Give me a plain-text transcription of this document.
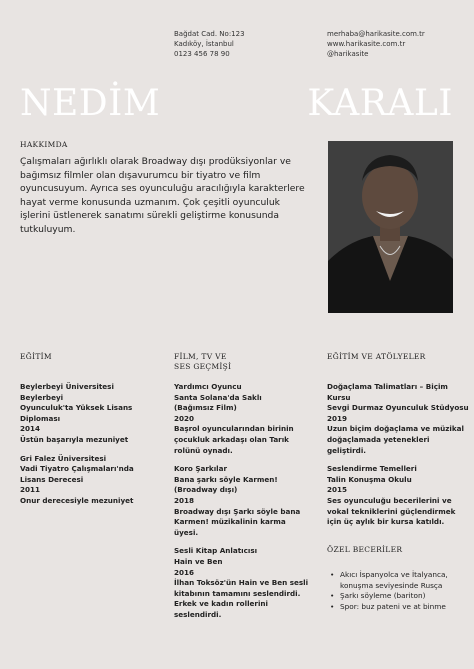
Bağdat Cad. No:123
Kadıköy, İstanbul
0123 456 78 90
merhaba@harikasite.com.tr
www.harikasite.com.tr
@harikasite
NEDİM	KARALI
HAKKIMDA
Çalışmaları ağırlıklı olarak Broadway dışı prodüksiyonlar ve bağımsız filmler olan dışavurumcu bir tiyatro ve film oyuncusuyum. Ayrıca ses oyunculuğu aracılığıyla karakterlere hayat verme konusunda uzmanım. Çok çeşitli oyunculuk işlerini üstlenerek sanatımı sürekli geliştirme konusunda tutkuluyum.
EĞİTİM
Beylerbeyi Üniversitesi
Beylerbeyi
Oyunculuk'ta Yüksek Lisans
Diploması
2014
Üstün başarıyla mezuniyet
Gri Falez Üniversitesi
Vadi Tiyatro Çalışmaları'nda
Lisans Derecesi
2011
Onur derecesiyle mezuniyet
FİLM, TV VE
SES GEÇMİŞİ
Yardımcı Oyuncu
Santa Solana'da Saklı
(Bağımsız Film)
2020
Başrol oyuncularından birinin
çocukluk arkadaşı olan Tarık
rolünü oynadı.
Koro Şarkılar
Bana şarkı söyle Karmen!
(Broadway dışı)
2018
Broadway dışı Şarkı söyle bana
Karmen! müzikalinin karma
üyesi.
Sesli Kitap Anlatıcısı
Hain ve Ben
2016
İlhan Toksöz'ün Hain ve Ben sesli
kitabının tamamını seslendirdi.
Erkek ve kadın rollerini
seslendirdi.
EĞİTİM VE ATÖLYELER
Doğaçlama Talimatları – Biçim
Kursu
Sevgi Durmaz Oyunculuk Stüdyosu
2019
Uzun biçim doğaçlama ve müzikal
doğaçlamada yetenekleri
geliştirdi.
Seslendirme Temelleri
Talin Konuşma Okulu
2015
Ses oyunculuğu becerilerini ve
vokal tekniklerini güçlendirmek
için üç aylık bir kursa katıldı.
ÖZEL BECERİLER
• Akıcı İspanyolca ve İtalyanca,
konuşma seviyesinde Rusça
• Şarkı söyleme (bariton)
• Spor: buz pateni ve at binme
